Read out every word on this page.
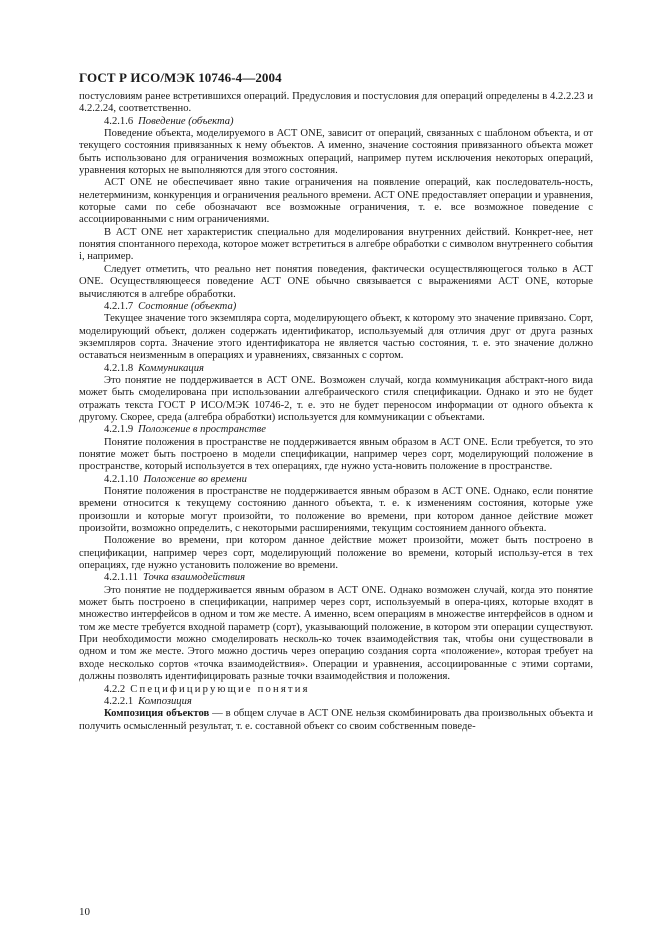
ГОСТ Р ИСО/МЭК 10746-4—2004

постусловиям ранее встретившихся операций. Предусловия и постусловия для операций определены в 4.2.2.23 и 4.2.2.24, соответственно.

4.2.1.6 Поведение (объекта)

Поведение объекта, моделируемого в АСТ ONE, зависит от операций, связанных с шаблоном объекта, и от текущего состояния привязанных к нему объектов. А именно, значение состояния привязанного объекта может быть использовано для ограничения возможных операций, например путем исключения некоторых операций, уравнения которых не выполняются для этого состояния.

АСТ ONE не обеспечивает явно такие ограничения на появление операций, как последователь-ность, нелетерминизм, конкуренция и ограничения реального времени. АСТ ONE предоставляет операции и уравнения, которые сами по себе обозначают все возможные ограничения, т. е. все возможное поведение с ассоциированными с ним ограничениями.

В АСТ ONE нет характеристик специально для моделирования внутренних действий. Конкрет-нее, нет понятия спонтанного перехода, которое может встретиться в алгебре обработки с символом внутреннего события i, например.

Следует отметить, что реально нет понятия поведения, фактически осуществляющегося только в АСТ ONE. Осуществляющееся поведение АСТ ONE обычно связывается с выражениями АСТ ONE, которые вычисляются в алгебре обработки.

4.2.1.7 Состояние (объекта)

Текущее значение того экземпляра сорта, моделирующего объект, к которому это значение привязано. Сорт, моделирующий объект, должен содержать идентификатор, используемый для отличия друг от друга разных экземпляров сорта. Значение этого идентификатора не является частью состояния, т. е. это значение должно оставаться неизменным в операциях и уравнениях, связанных с сортом.

4.2.1.8 Коммуникация

Это понятие не поддерживается в АСТ ONE. Возможен случай, когда коммуникация абстракт-ного вида может быть смоделирована при использовании алгебраического стиля спецификации. Однако и это не будет отражать текста ГОСТ Р ИСО/МЭК 10746-2, т. е. это не будет переносом информации от одного объекта к другому. Скорее, среда (алгебра обработки) используется для коммуникации с объектами.

4.2.1.9 Положение в пространстве

Понятие положения в пространстве не поддерживается явным образом в АСТ ONE. Если требуется, то это понятие может быть построено в модели спецификации, например через сорт, моделирующий положение в пространстве, который используется в тех операциях, где нужно уста-новить положение в пространстве.

4.2.1.10 Положение во времени

Понятие положения в пространстве не поддерживается явным образом в АСТ ONE. Однако, если понятие времени относится к текущему состоянию данного объекта, т. е. к изменениям состояния, которые уже произошли и которые могут произойти, то положение во времени, при котором данное действие может произойти, возможно определить, с некоторыми расширениями, текущим состоянием данного объекта.

Положение во времени, при котором данное действие может произойти, может быть построено в спецификации, например через сорт, моделирующий положение во времени, который использу-ется в тех операциях, где нужно установить положение во времени.

4.2.1.11 Точка взаимодействия

Это понятие не поддерживается явным образом в АСТ ONE. Однако возможен случай, когда это понятие может быть построено в спецификации, например через сорт, используемый в опера-циях, которые входят в множество интерфейсов в одном и том же месте. А именно, всем операциям в множестве интерфейсов в одном и том же месте требуется входной параметр (сорт), указывающий положение, в котором эти операции существуют. При необходимости можно смоделировать несколь-ко точек взаимодействия так, чтобы они существовали в одном и том же месте. Этого можно достичь через операцию создания сорта «положение», которая требует на входе несколько сортов «точка взаимодействия». Операции и уравнения, ассоциированные с этими сортами, должны позволять идентифицировать разные точки взаимодействия и положения.

4.2.2 Специфицирующие понятия

4.2.2.1 Композиция

Композиция объектов — в общем случае в АСТ ONE нельзя скомбинировать два произвольных объекта и получить осмысленный результат, т. е. составной объект со своим собственным поведе-

10
